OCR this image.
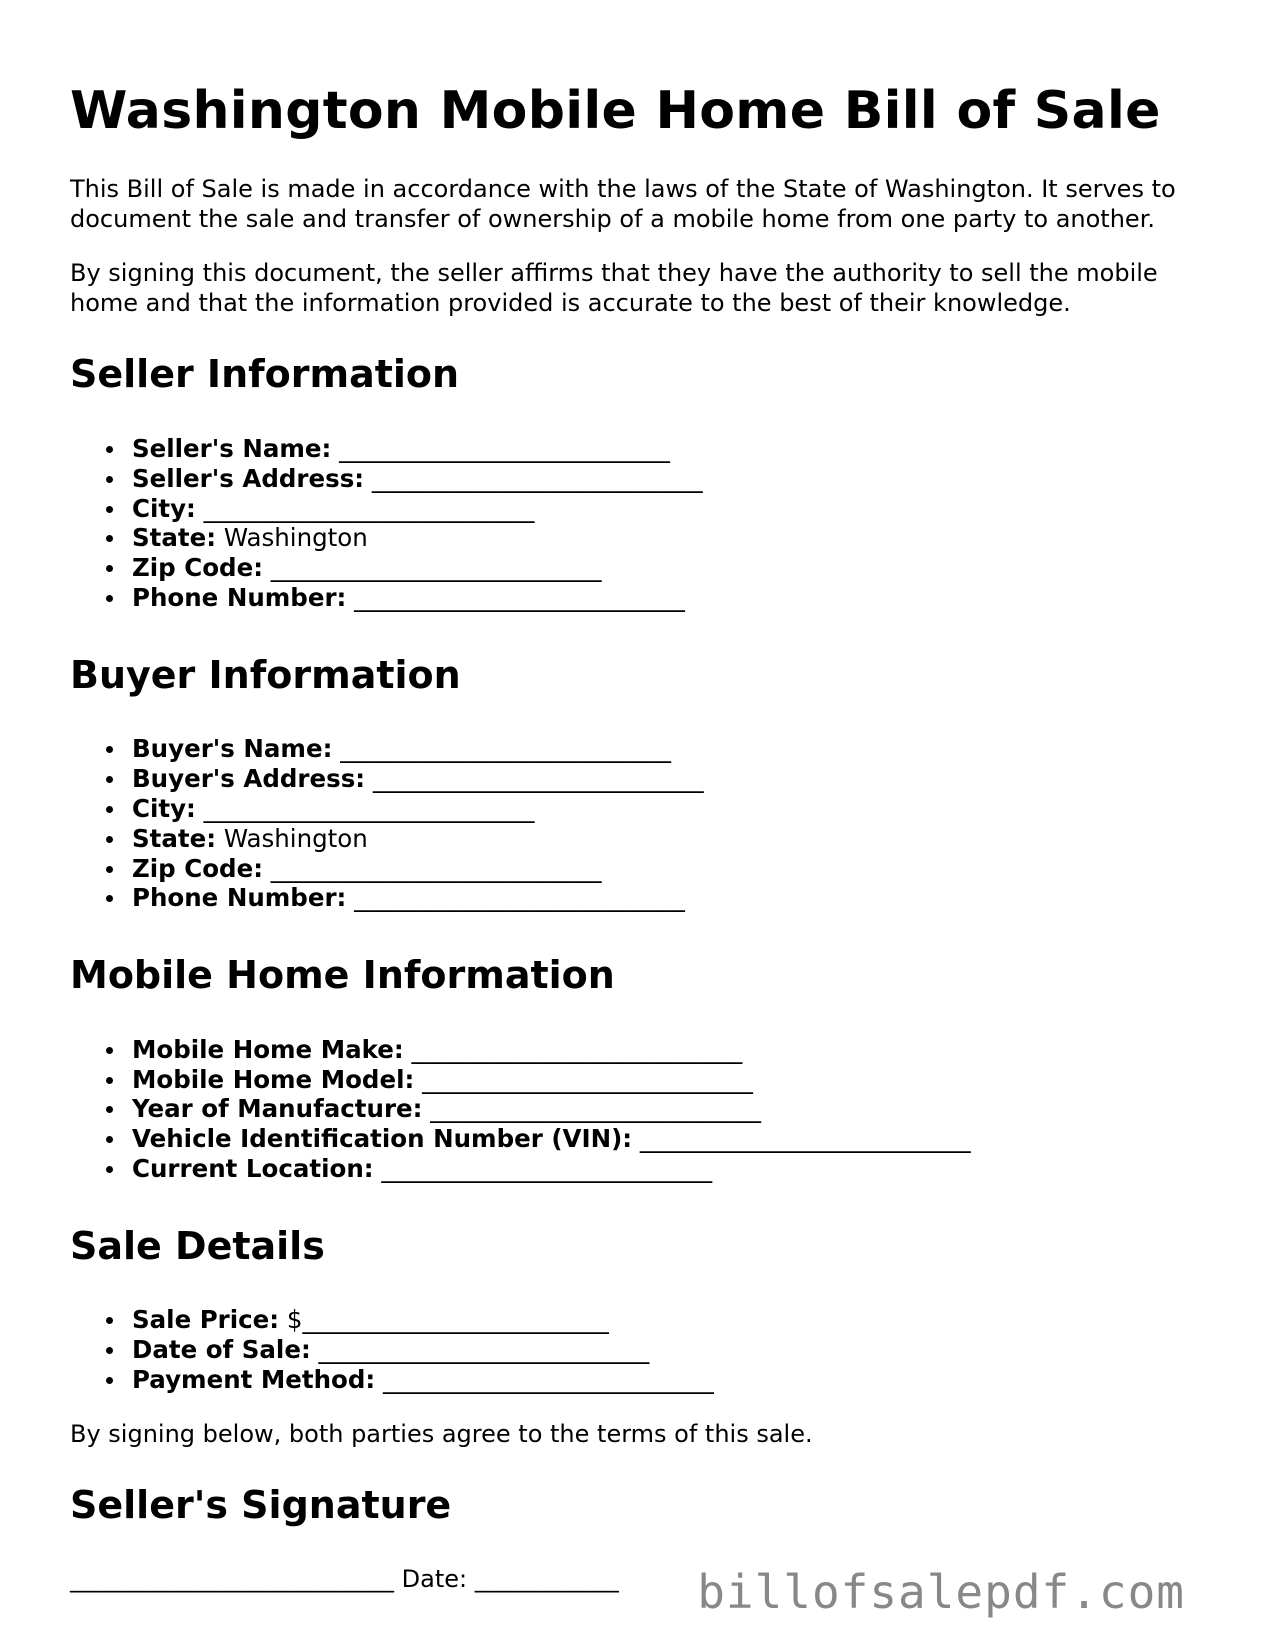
Washington Mobile Home Bill of Sale

This Bill of Sale is made in accordance with the laws of the State of Washington. It serves to document the sale and transfer of ownership of a mobile home from one party to another.

By signing this document, the seller affirms that they have the authority to sell the mobile home and that the information provided is accurate to the best of their knowledge.

Seller Information
Seller's Name: ___________________________
Seller's Address: ___________________________
City: ___________________________
State: Washington
Zip Code: ___________________________
Phone Number: ___________________________
Buyer Information
Buyer's Name: ___________________________
Buyer's Address: ___________________________
City: ___________________________
State: Washington
Zip Code: ___________________________
Phone Number: ___________________________
Mobile Home Information
Mobile Home Make: ___________________________
Mobile Home Model: ___________________________
Year of Manufacture: ___________________________
Vehicle Identification Number (VIN): ___________________________
Current Location: ___________________________
Sale Details
Sale Price: $_________________________
Date of Sale: ___________________________
Payment Method: ___________________________

By signing below, both parties agree to the terms of this sale.

Seller's Signature
___________________________ Date: ____________	billofsalepdf.com
